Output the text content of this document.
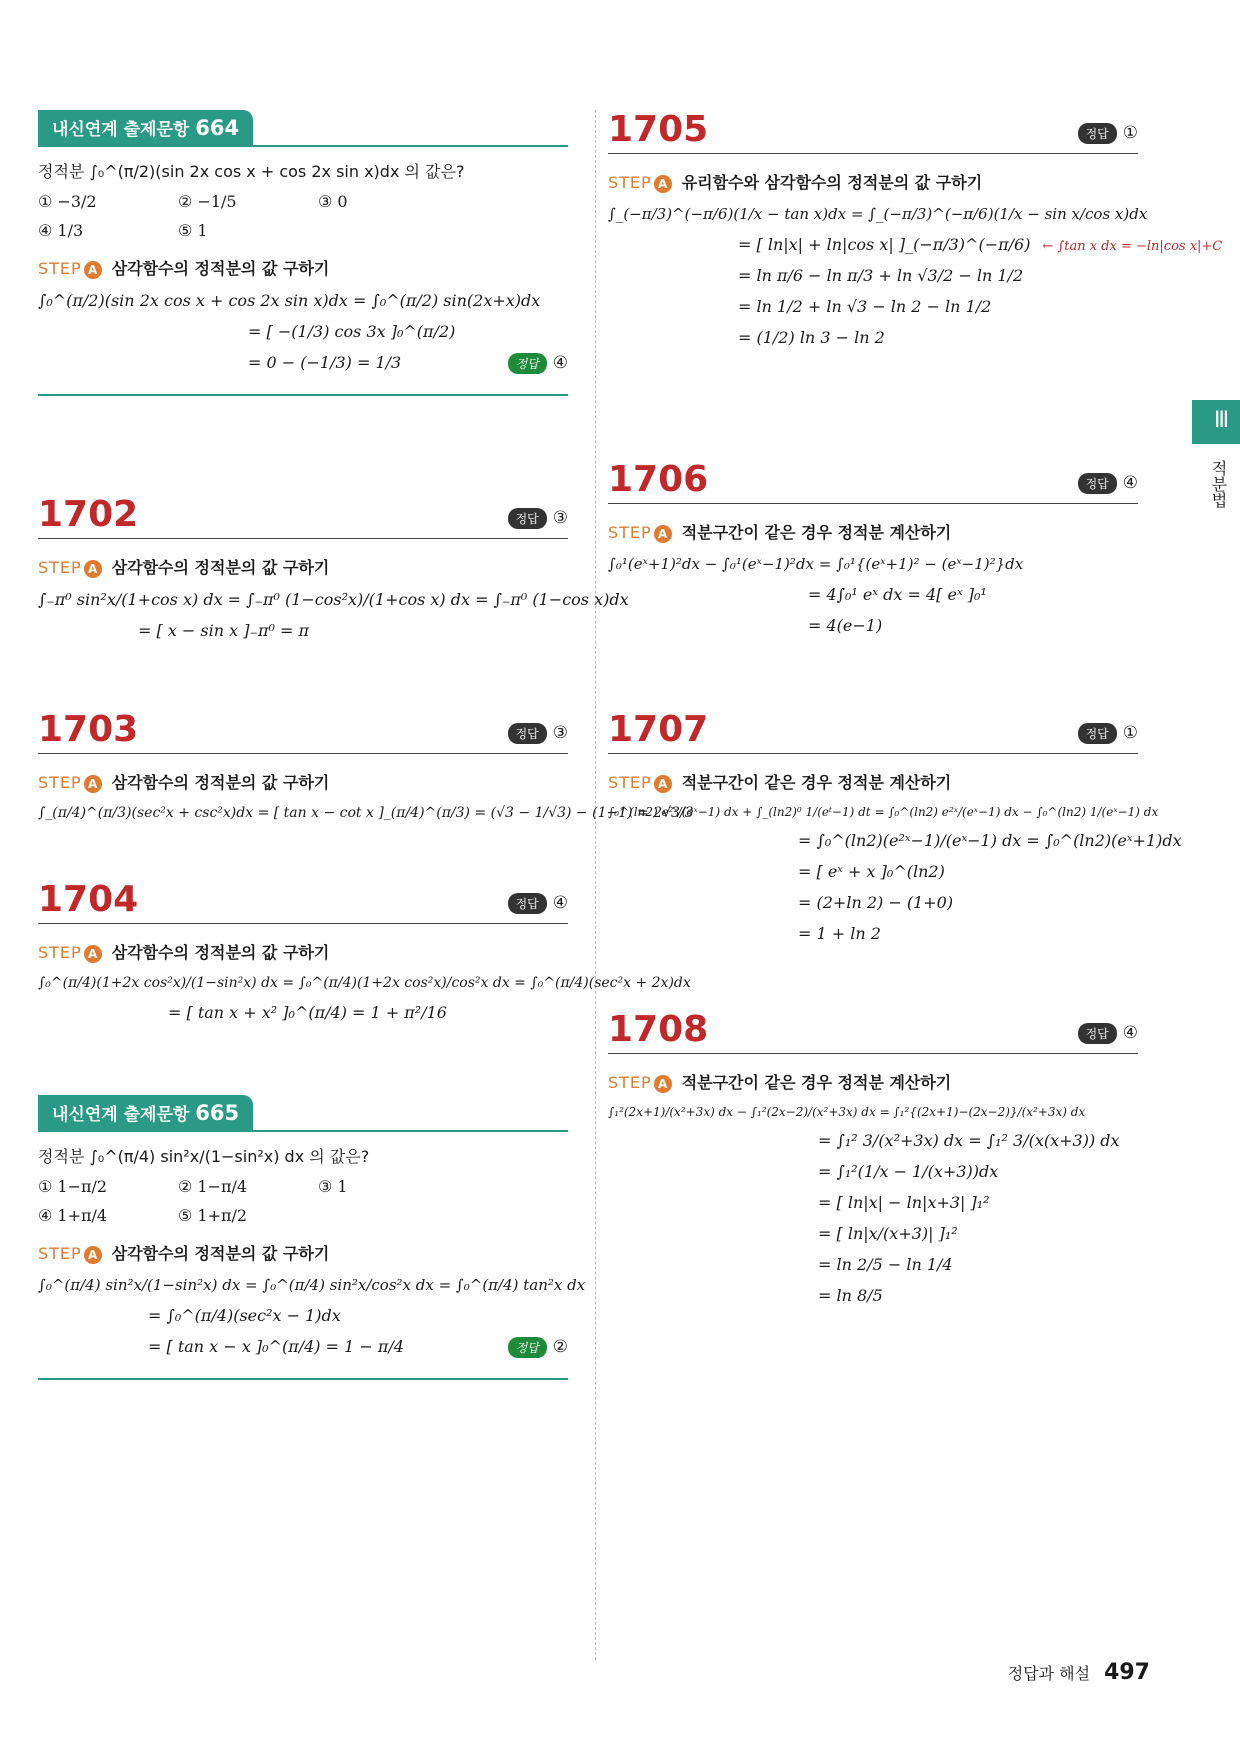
내신연계 출제문항 664
정적분 ∫₀^(π/2)(sin 2x cos x + cos 2x sin x)dx 의 값은?
① −3/2	② −1/5	③ 0
④ 1/3	⑤ 1
STEP A 삼각함수의 정적분의 값 구하기
∫₀^(π/2)(sin 2x cos x + cos 2x sin x)dx = ∫₀^(π/2) sin(2x+x)dx
= [ −(1/3) cos 3x ]₀^(π/2)
= 0 − (−1/3) = 1/3	정답 ④
1702	정답 ③
STEP A 삼각함수의 정적분의 값 구하기
∫₋π⁰ sin²x/(1+cos x) dx = ∫₋π⁰ (1−cos²x)/(1+cos x) dx = ∫₋π⁰ (1−cos x)dx
= [ x − sin x ]₋π⁰ = π
1703	정답 ③
STEP A 삼각함수의 정적분의 값 구하기
∫_(π/4)^(π/3)(sec²x + csc²x)dx = [ tan x − cot x ]_(π/4)^(π/3) = (√3 − 1/√3) − (1−1) = 2√3/3
1704	정답 ④
STEP A 삼각함수의 정적분의 값 구하기
∫₀^(π/4)(1+2x cos²x)/(1−sin²x) dx = ∫₀^(π/4)(1+2x cos²x)/cos²x dx = ∫₀^(π/4)(sec²x + 2x)dx
= [ tan x + x² ]₀^(π/4) = 1 + π²/16
내신연계 출제문항 665
정적분 ∫₀^(π/4) sin²x/(1−sin²x) dx 의 값은?
① 1−π/2	② 1−π/4	③ 1
④ 1+π/4	⑤ 1+π/2
STEP A 삼각함수의 정적분의 값 구하기
∫₀^(π/4) sin²x/(1−sin²x) dx = ∫₀^(π/4) sin²x/cos²x dx = ∫₀^(π/4) tan²x dx
= ∫₀^(π/4)(sec²x − 1)dx
= [ tan x − x ]₀^(π/4) = 1 − π/4	정답 ②
1705	정답 ①
STEP A 유리함수와 삼각함수의 정적분의 값 구하기
∫_(−π/3)^(−π/6)(1/x − tan x)dx = ∫_(−π/3)^(−π/6)(1/x − sin x/cos x)dx
= [ ln|x| + ln|cos x| ]_(−π/3)^(−π/6) ← ∫tan x dx = −ln|cos x|+C
= ln π/6 − ln π/3 + ln √3/2 − ln 1/2
= ln 1/2 + ln √3 − ln 2 − ln 1/2
= (1/2) ln 3 − ln 2
1706	정답 ④
STEP A 적분구간이 같은 경우 정적분 계산하기
∫₀¹(eˣ+1)²dx − ∫₀¹(eˣ−1)²dx = ∫₀¹{(eˣ+1)² − (eˣ−1)²}dx
= 4∫₀¹ eˣ dx = 4[ eˣ ]₀¹
= 4(e−1)
1707	정답 ①
STEP A 적분구간이 같은 경우 정적분 계산하기
∫₀^(ln2) e²ˣ/(eˣ−1) dx + ∫_(ln2)⁰ 1/(eᵗ−1) dt = ∫₀^(ln2) e²ˣ/(eˣ−1) dx − ∫₀^(ln2) 1/(eˣ−1) dx
= ∫₀^(ln2)(e²ˣ−1)/(eˣ−1) dx = ∫₀^(ln2)(eˣ+1)dx
= [ eˣ + x ]₀^(ln2)
= (2+ln 2) − (1+0)
= 1 + ln 2
1708	정답 ④
STEP A 적분구간이 같은 경우 정적분 계산하기
∫₁²(2x+1)/(x²+3x) dx − ∫₁²(2x−2)/(x²+3x) dx = ∫₁²{(2x+1)−(2x−2)}/(x²+3x) dx
= ∫₁² 3/(x²+3x) dx = ∫₁² 3/(x(x+3)) dx
= ∫₁²(1/x − 1/(x+3))dx
= [ ln|x| − ln|x+3| ]₁²
= [ ln|x/(x+3)| ]₁²
= ln 2/5 − ln 1/4
= ln 8/5
Ⅲ
적분법
정답과 해설 497
